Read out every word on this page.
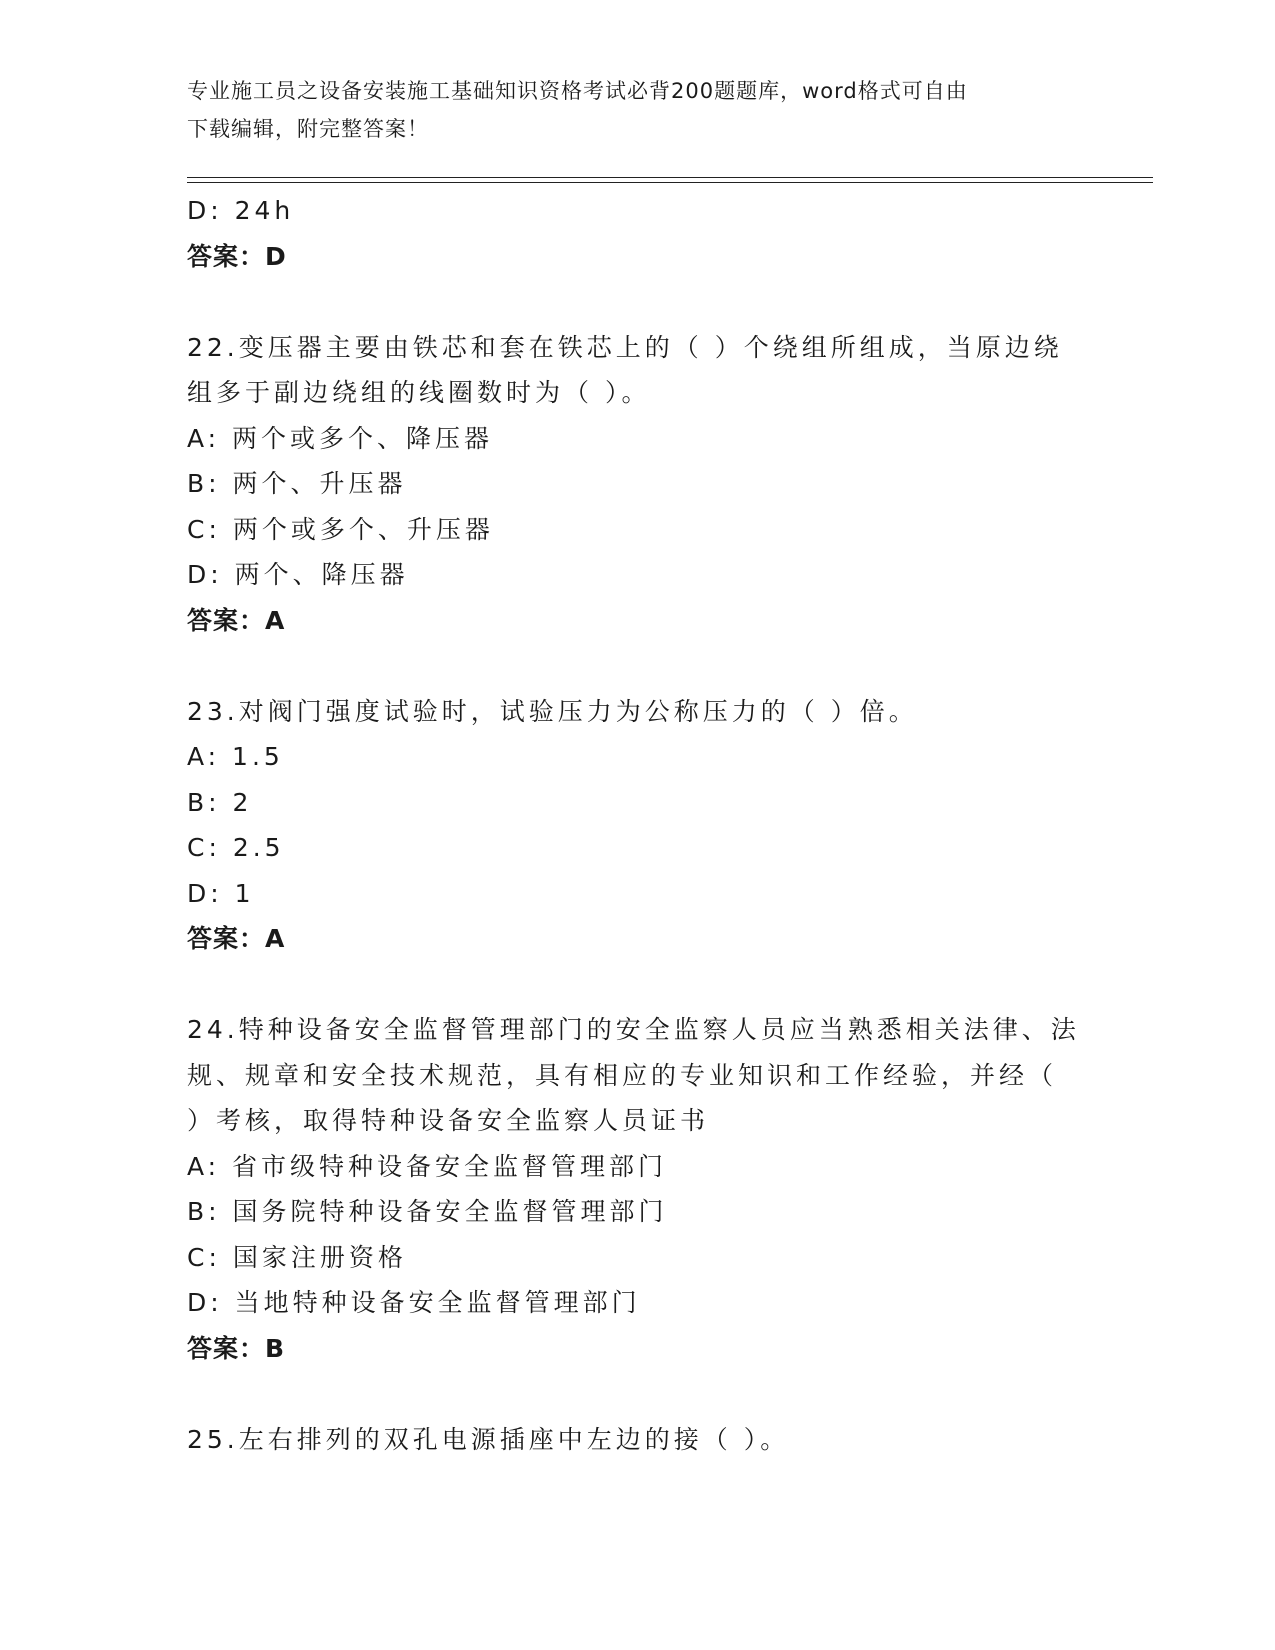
专业施工员之设备安装施工基础知识资格考试必背200题题库，word格式可自由
下载编辑，附完整答案！
D: 24h
答案：D
22.变压器主要由铁芯和套在铁芯上的（ ）个绕组所组成，当原边绕
组多于副边绕组的线圈数时为（ ）。
A: 两个或多个、降压器
B: 两个、升压器
C: 两个或多个、升压器
D: 两个、降压器
答案：A
23.对阀门强度试验时，试验压力为公称压力的（ ）倍。
A: 1.5
B: 2
C: 2.5
D: 1
答案：A
24.特种设备安全监督管理部门的安全监察人员应当熟悉相关法律、法
规、规章和安全技术规范，具有相应的专业知识和工作经验，并经（
）考核，取得特种设备安全监察人员证书
A: 省市级特种设备安全监督管理部门
B: 国务院特种设备安全监督管理部门
C: 国家注册资格
D: 当地特种设备安全监督管理部门
答案：B
25.左右排列的双孔电源插座中左边的接（ ）。
